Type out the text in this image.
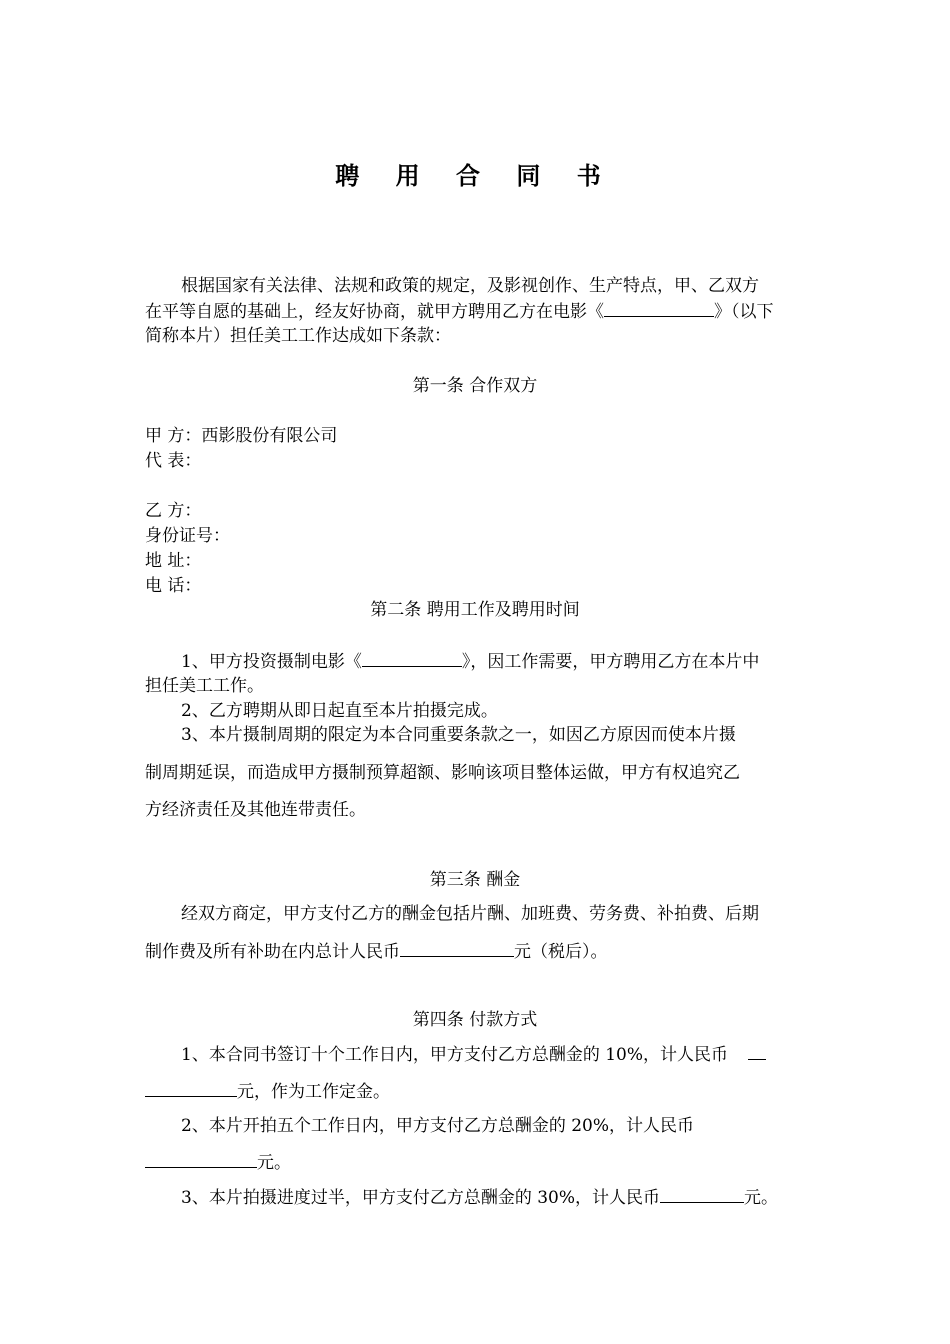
聘 用 合 同 书
根据国家有关法律、法规和政策的规定，及影视创作、生产特点，甲、乙双方
在平等自愿的基础上，经友好协商，就甲方聘用乙方在电影《	》（以下
简称本片）担任美工工作达成如下条款：
第一条 合作双方
甲 方：西影股份有限公司
代 表：
乙 方：
身份证号：
地 址：
电 话：
第二条 聘用工作及聘用时间
1、甲方投资摄制电影《	》，因工作需要，甲方聘用乙方在本片中
担任美工工作。
2、乙方聘期从即日起直至本片拍摄完成。
3、本片摄制周期的限定为本合同重要条款之一，如因乙方原因而使本片摄
制周期延误，而造成甲方摄制预算超额、影响该项目整体运做，甲方有权追究乙
方经济责任及其他连带责任。
第三条 酬金
经双方商定，甲方支付乙方的酬金包括片酬、加班费、劳务费、补拍费、后期
制作费及所有补助在内总计人民币	元（税后）。
第四条 付款方式
1、本合同书签订十个工作日内，甲方支付乙方总酬金的 10%，计人民币
元，作为工作定金。
2、本片开拍五个工作日内，甲方支付乙方总酬金的 20%，计人民币
元。
3、本片拍摄进度过半，甲方支付乙方总酬金的 30%，计人民币	元。
